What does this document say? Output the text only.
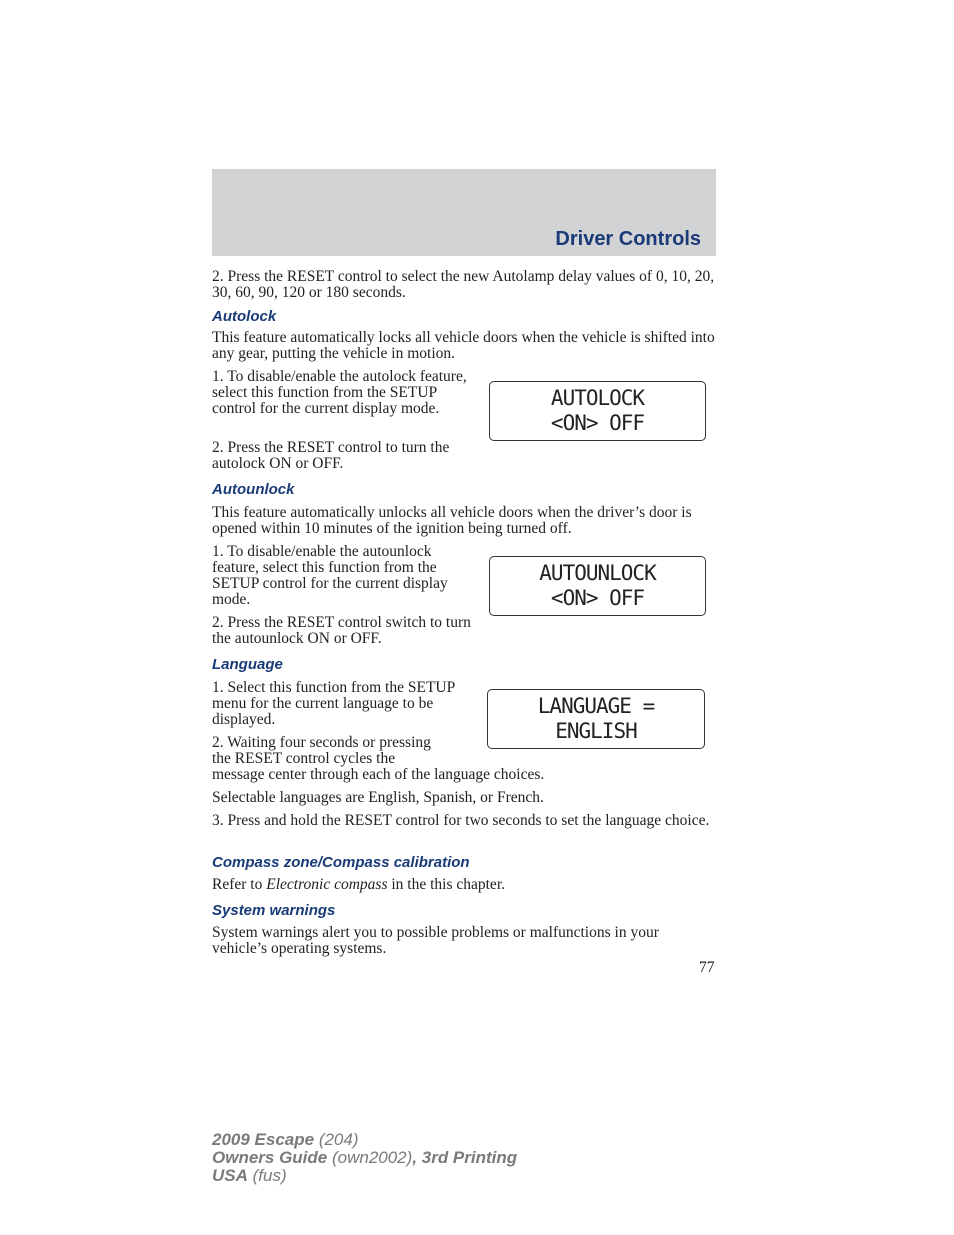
Driver Controls

2. Press the RESET control to select the new Autolamp delay values of 0, 10, 20, 30, 60, 90, 120 or 180 seconds.

Autolock

This feature automatically locks all vehicle doors when the vehicle is shifted into any gear, putting the vehicle in motion.

1. To disable/enable the autolock feature, select this function from the SETUP control for the current display mode.

2. Press the RESET control to turn the autolock ON or OFF.

AUTOLOCK
<ON> OFF
Autounlock

This feature automatically unlocks all vehicle doors when the driver’s door is opened within 10 minutes of the ignition being turned off.

1. To disable/enable the autounlock feature, select this function from the SETUP control for the current display mode.

2. Press the RESET control switch to turn the autounlock ON or OFF.

AUTOUNLOCK
<ON> OFF
Language

1. Select this function from the SETUP menu for the current language to be displayed.

2. Waiting four seconds or pressing
the RESET control cycles the
message center through each of the language choices.
LANGUAGE =
ENGLISH

Selectable languages are English, Spanish, or French.

3. Press and hold the RESET control for two seconds to set the language choice.

Compass zone/Compass calibration

Refer to Electronic compass in the this chapter.

System warnings

System warnings alert you to possible problems or malfunctions in your vehicle’s operating systems.

77
2009 Escape (204)
Owners Guide (own2002), 3rd Printing
USA (fus)
